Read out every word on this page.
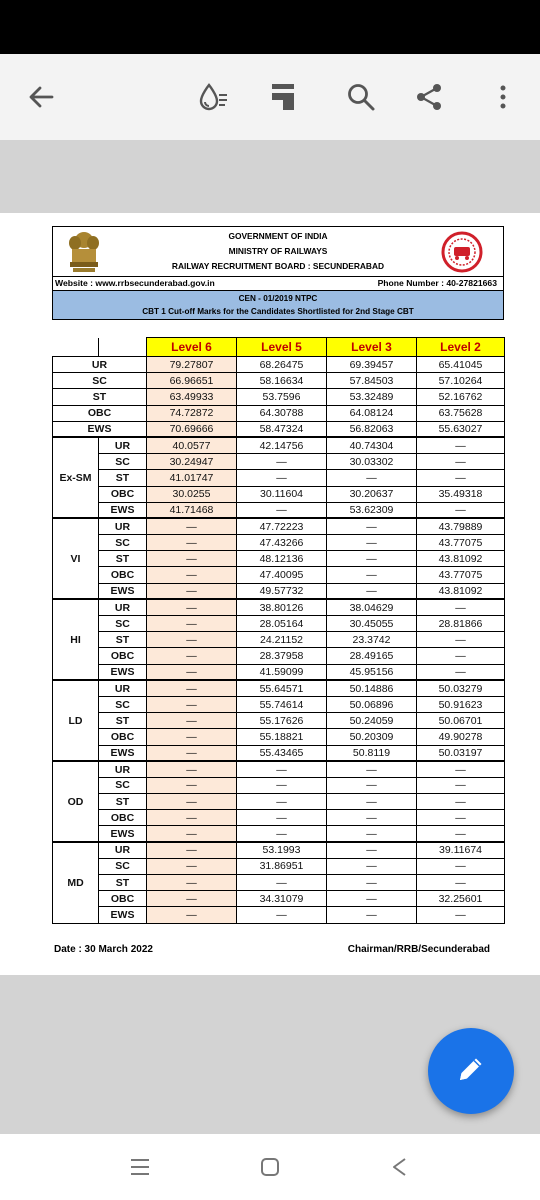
GOVERNMENT OF INDIA
MINISTRY OF RAILWAYS
RAILWAY RECRUITMENT BOARD : SECUNDERABAD
Website : www.rrbsecunderabad.gov.in	Phone Number : 40-27821663
CEN - 01/2019 NTPC
CBT 1 Cut-off Marks for the Candidates Shortlisted for 2nd Stage CBT
		Level 6	Level 5	Level 3	Level 2
UR		79.27807	68.26475	69.39457	65.41045
SC		66.96651	58.16634	57.84503	57.10264
ST		63.49933	53.7596	53.32489	52.16762
OBC		74.72872	64.30788	64.08124	63.75628
EWS		70.69666	58.47324	56.82063	55.63027
Ex-SM	UR	40.0577	42.14756	40.74304	—
	SC	30.24947	—	30.03302	—
	ST	41.01747	—	—	—
	OBC	30.0255	30.11604	30.20637	35.49318
	EWS	41.71468	—	53.62309	—
VI	UR	—	47.72223	—	43.79889
	SC	—	47.43266	—	43.77075
	ST	—	48.12136	—	43.81092
	OBC	—	47.40095	—	43.77075
	EWS	—	49.57732	—	43.81092
HI	UR	—	38.80126	38.04629	—
	SC	—	28.05164	30.45055	28.81866
	ST	—	24.21152	23.3742	—
	OBC	—	28.37958	28.49165	—
	EWS	—	41.59099	45.95156	—
LD	UR	—	55.64571	50.14886	50.03279
	SC	—	55.74614	50.06896	50.91623
	ST	—	55.17626	50.24059	50.06701
	OBC	—	55.18821	50.20309	49.90278
	EWS	—	55.43465	50.8119	50.03197
OD	UR	—	—	—	—
	SC	—	—	—	—
	ST	—	—	—	—
	OBC	—	—	—	—
	EWS	—	—	—	—
MD	UR	—	53.1993	—	39.11674
	SC	—	31.86951	—	—
	ST	—	—	—	—
	OBC	—	34.31079	—	32.25601
	EWS	—	—	—	—
Date : 30 March 2022	Chairman/RRB/Secunderabad
